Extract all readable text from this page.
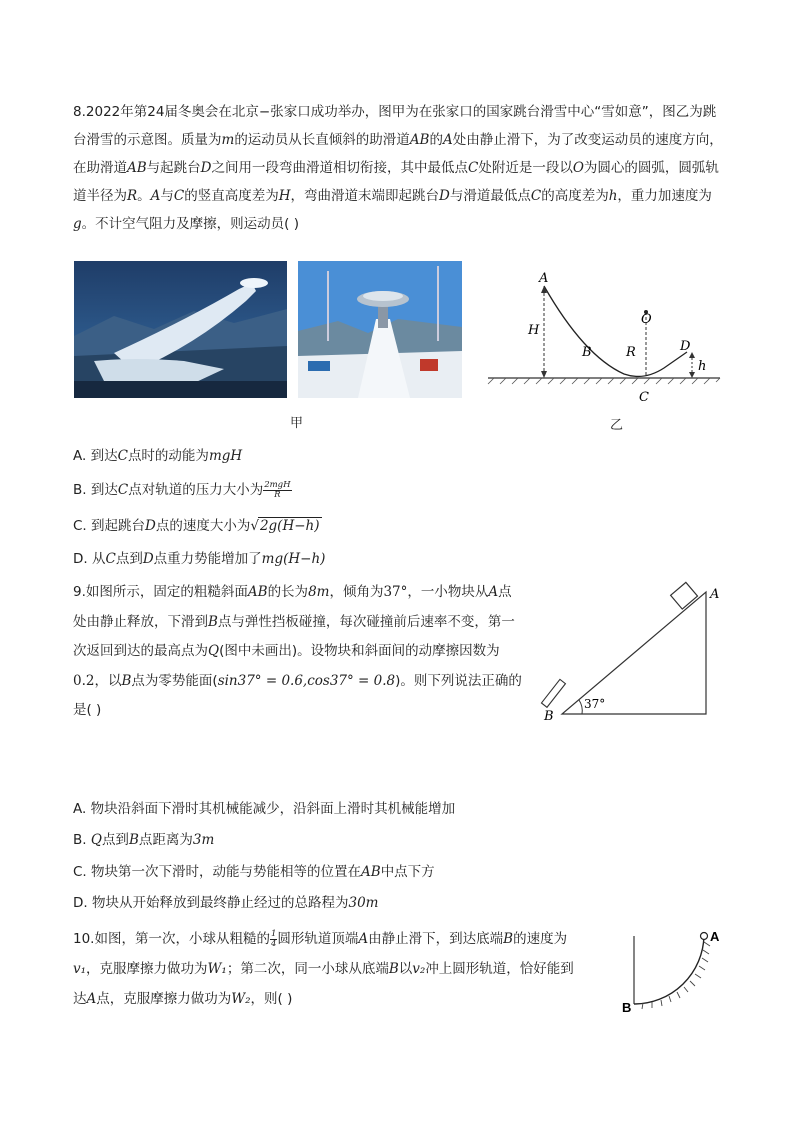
8.2022年第24届冬奥会在北京−张家口成功举办，图甲为在张家口的国家跳台滑雪中心“雪如意”，图乙为跳台滑雪的示意图。质量为m的运动员从长直倾斜的助滑道AB的A处由静止滑下，为了改变运动员的速度方向，在助滑道AB与起跳台D之间用一段弯曲滑道相切衔接，其中最低点C处附近是一段以O为圆心的圆弧，圆弧轨道半径为R。A与C的竖直高度差为H，弯曲滑道末端即起跳台D与滑道最低点C的高度差为h，重力加速度为g。不计空气阻力及摩擦，则运动员( )
甲
A
H
B
O
R	D
h
C
乙
A. 到达C点时的动能为mgH
B. 到达C点对轨道的压力大小为 $\frac{\text{2mgH}}{R}$
C. 到起跳台D点的速度大小为√2g(H−h)
D. 从C点到D点重力势能增加了mg(H−h)
9.如图所示，固定的粗糙斜面AB的长为8m，倾角为37°，一小物块从A点处由静止释放，下滑到B点与弹性挡板碰撞，每次碰撞前后速率不变，第一次返回到达的最高点为Q(图中未画出)。设物块和斜面间的动摩擦因数为0.2，以B点为零势能面(sin37° = 0.6,cos37° = 0.8)。则下列说法正确的是( )	37°
A
B
A. 物块沿斜面下滑时其机械能减少，沿斜面上滑时其机械能增加
B. Q点到B点距离为3m
C. 物块第一次下滑时，动能与势能相等的位置在AB中点下方
D. 物块从开始释放到最终静止经过的总路程为30m
10.如图，第一次，小球从粗糙的 $\frac{1}{4}$ 圆形轨道顶端A由静止滑下，到达底端B的速度为v₁，克服摩擦力做功为W₁；第二次，同一小球从底端B以v₂冲上圆形轨道，恰好能到达A点，克服摩擦力做功为W₂，则( )
A
B
